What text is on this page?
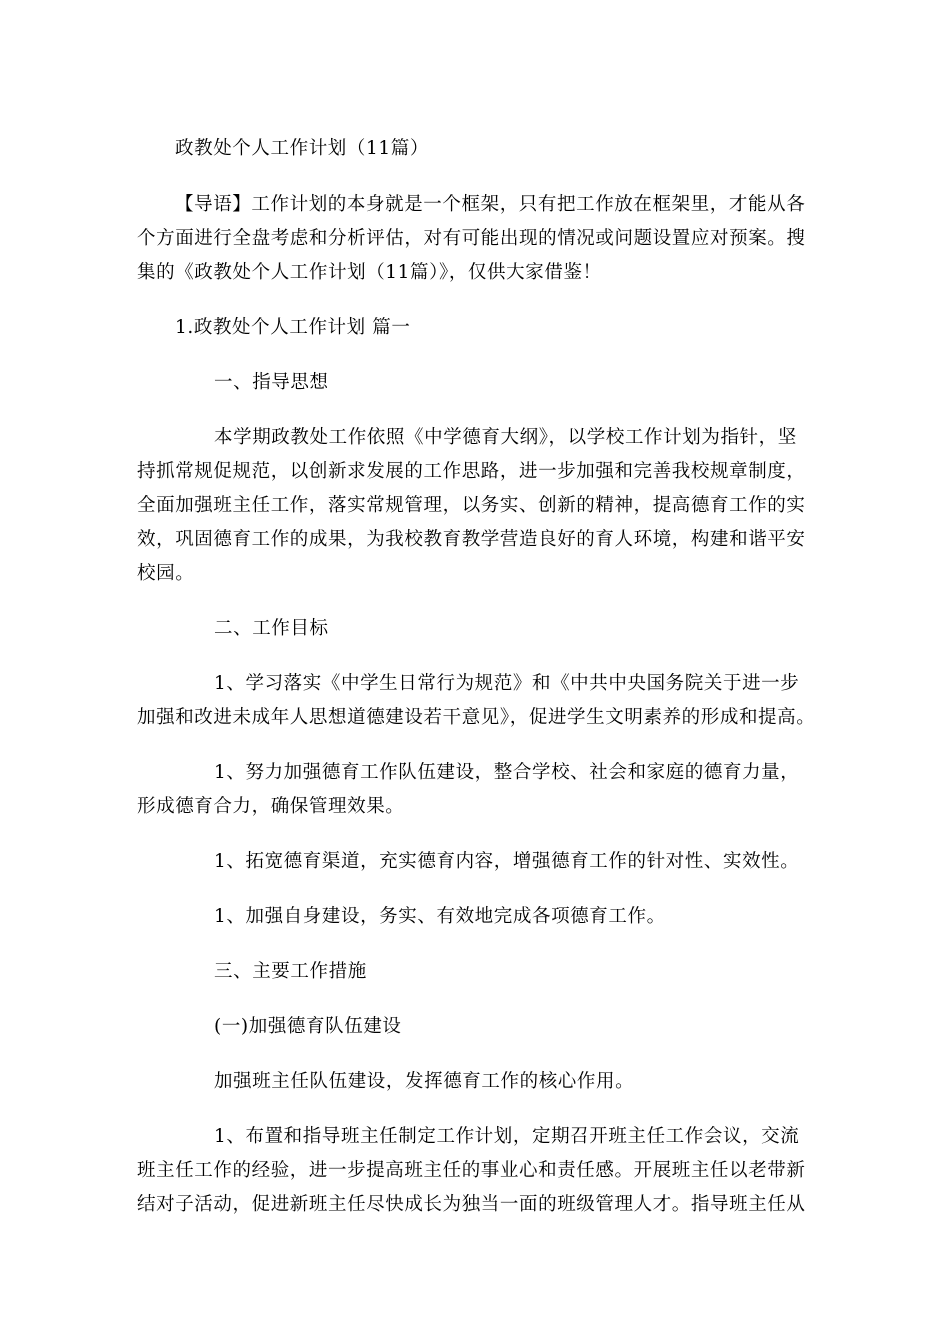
政教处个人工作计划（11篇）
【导语】工作计划的本身就是一个框架，只有把工作放在框架里，才能从各
个方面进行全盘考虑和分析评估，对有可能出现的情况或问题设置应对预案。搜
集的《政教处个人工作计划（11篇）》，仅供大家借鉴！
1.政教处个人工作计划 篇一
一、指导思想
本学期政教处工作依照《中学德育大纲》，以学校工作计划为指针，坚
持抓常规促规范，以创新求发展的工作思路，进一步加强和完善我校规章制度，
全面加强班主任工作，落实常规管理，以务实、创新的精神，提高德育工作的实
效，巩固德育工作的成果，为我校教育教学营造良好的育人环境，构建和谐平安
校园。
二、工作目标
1、学习落实《中学生日常行为规范》和《中共中央国务院关于进一步
加强和改进未成年人思想道德建设若干意见》，促进学生文明素养的形成和提高。
1、努力加强德育工作队伍建设，整合学校、社会和家庭的德育力量，
形成德育合力，确保管理效果。
1、拓宽德育渠道，充实德育内容，增强德育工作的针对性、实效性。
1、加强自身建设，务实、有效地完成各项德育工作。
三、主要工作措施
(一)加强德育队伍建设
加强班主任队伍建设，发挥德育工作的核心作用。
1、布置和指导班主任制定工作计划，定期召开班主任工作会议，交流
班主任工作的经验，进一步提高班主任的事业心和责任感。开展班主任以老带新
结对子活动，促进新班主任尽快成长为独当一面的班级管理人才。指导班主任从
